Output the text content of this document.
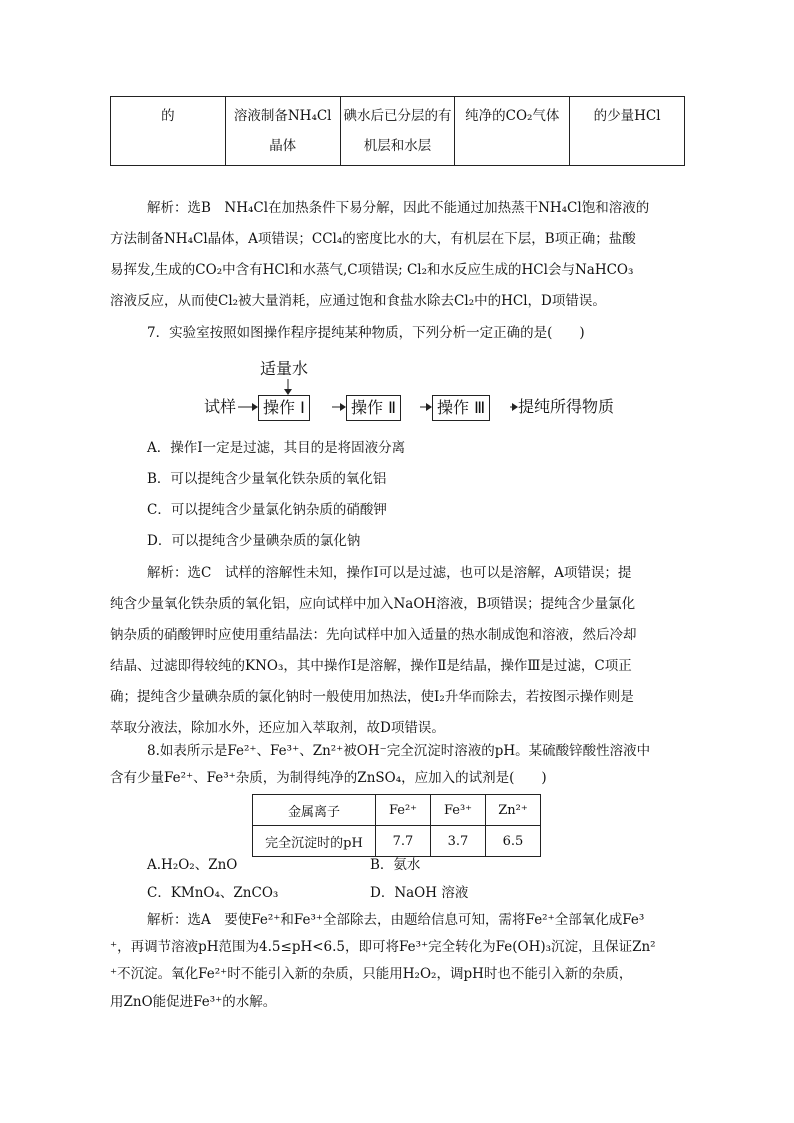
的	溶液制备NH₄Cl晶体	碘水后已分层的有机层和水层	纯净的CO₂气体	的少量HCl
解析：选B　NH₄Cl在加热条件下易分解，因此不能通过加热蒸干NH₄Cl饱和溶液的
方法制备NH₄Cl晶体，A项错误；CCl₄的密度比水的大，有机层在下层，B项正确；盐酸
易挥发,生成的CO₂中含有HCl和水蒸气,C项错误; Cl₂和水反应生成的HCl会与NaHCO₃
溶液反应，从而使Cl₂被大量消耗，应通过饱和食盐水除去Cl₂中的HCl，D项错误。
7．实验室按照如图操作程序提纯某种物质，下列分析一定正确的是(　　)
适量水
试样	操作 Ⅰ	操作 Ⅱ	操作 Ⅲ	提纯所得物质
A．操作Ⅰ一定是过滤，其目的是将固液分离
B．可以提纯含少量氧化铁杂质的氧化铝
C．可以提纯含少量氯化钠杂质的硝酸钾
D．可以提纯含少量碘杂质的氯化钠
解析：选C　试样的溶解性未知，操作Ⅰ可以是过滤，也可以是溶解，A项错误；提
纯含少量氧化铁杂质的氧化铝，应向试样中加入NaOH溶液，B项错误；提纯含少量氯化
钠杂质的硝酸钾时应使用重结晶法：先向试样中加入适量的热水制成饱和溶液，然后冷却
结晶、过滤即得较纯的KNO₃，其中操作Ⅰ是溶解，操作Ⅱ是结晶，操作Ⅲ是过滤，C项正
确；提纯含少量碘杂质的氯化钠时一般使用加热法，使I₂升华而除去，若按图示操作则是
萃取分液法，除加水外，还应加入萃取剂，故D项错误。
8.如表所示是Fe²⁺、Fe³⁺、Zn²⁺被OH⁻完全沉淀时溶液的pH。某硫酸锌酸性溶液中
含有少量Fe²⁺、Fe³⁺杂质，为制得纯净的ZnSO₄，应加入的试剂是(　　)
金属离子	Fe²⁺	Fe³⁺	Zn²⁺
完全沉淀时的pH	7.7	3.7	6.5
A.H₂O₂、ZnO	B．氨水
C．KMnO₄、ZnCO₃	D．NaOH 溶液
解析：选A　要使Fe²⁺和Fe³⁺全部除去，由题给信息可知，需将Fe²⁺全部氧化成Fe³
⁺，再调节溶液pH范围为4.5≤pH<6.5，即可将Fe³⁺完全转化为Fe(OH)₃沉淀，且保证Zn²
⁺不沉淀。氧化Fe²⁺时不能引入新的杂质，只能用H₂O₂，调pH时也不能引入新的杂质，
用ZnO能促进Fe³⁺的水解。
